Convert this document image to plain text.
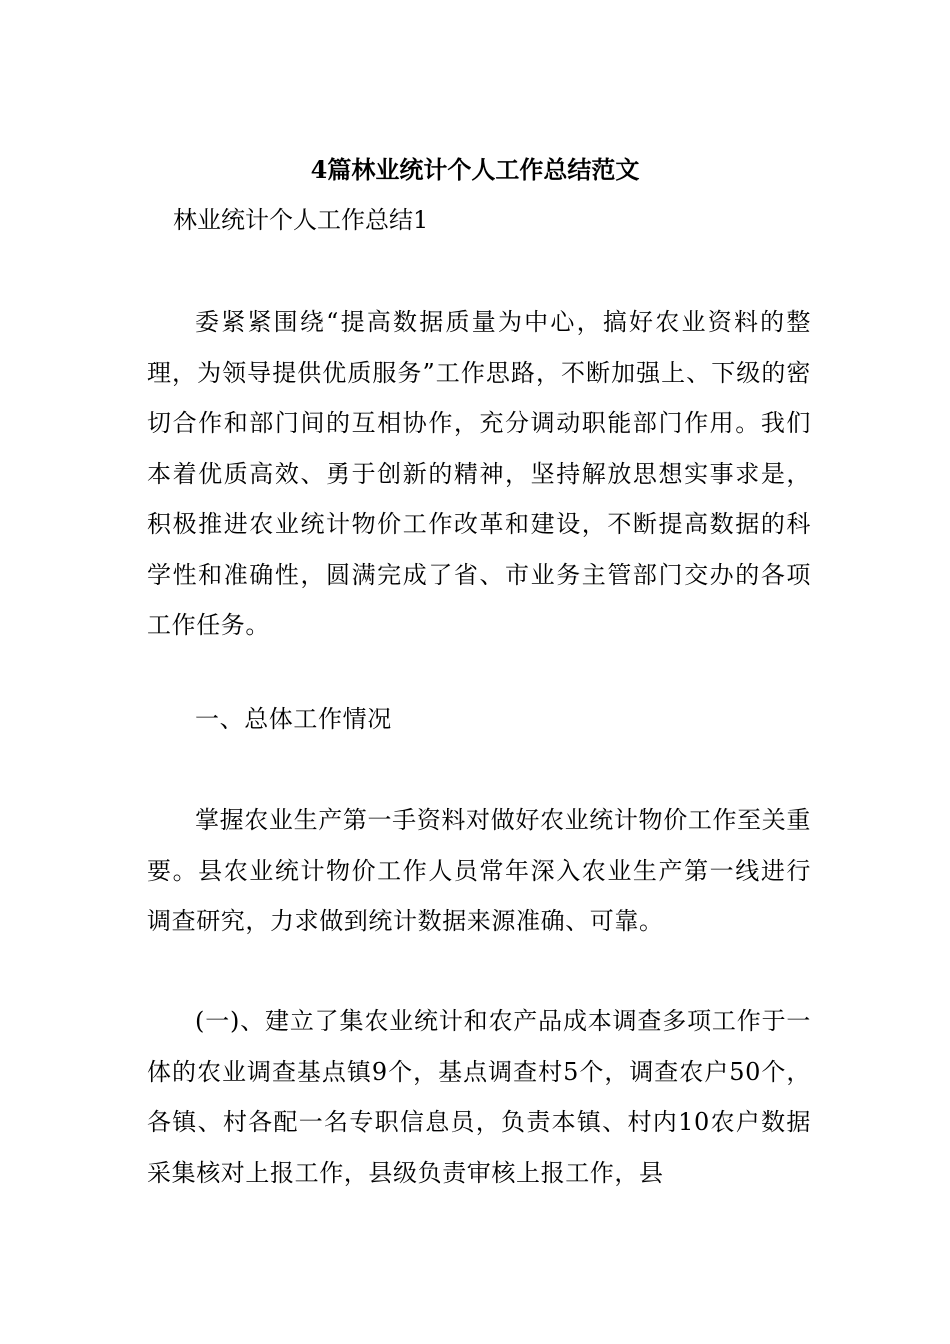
4篇林业统计个人工作总结范文

林业统计个人工作总结1

委紧紧围绕“提高数据质量为中心，搞好农业资料的整理，为领导提供优质服务”工作思路，不断加强上、下级的密切合作和部门间的互相协作，充分调动职能部门作用。我们本着优质高效、勇于创新的精神，坚持解放思想实事求是，积极推进农业统计物价工作改革和建设，不断提高数据的科学性和准确性，圆满完成了省、市业务主管部门交办的各项工作任务。

一、总体工作情况

掌握农业生产第一手资料对做好农业统计物价工作至关重要。县农业统计物价工作人员常年深入农业生产第一线进行调查研究，力求做到统计数据来源准确、可靠。

(一)、建立了集农业统计和农产品成本调查多项工作于一体的农业调查基点镇9个，基点调查村5个，调查农户50个，各镇、村各配一名专职信息员，负责本镇、村内10农户数据采集核对上报工作，县级负责审核上报工作，县
